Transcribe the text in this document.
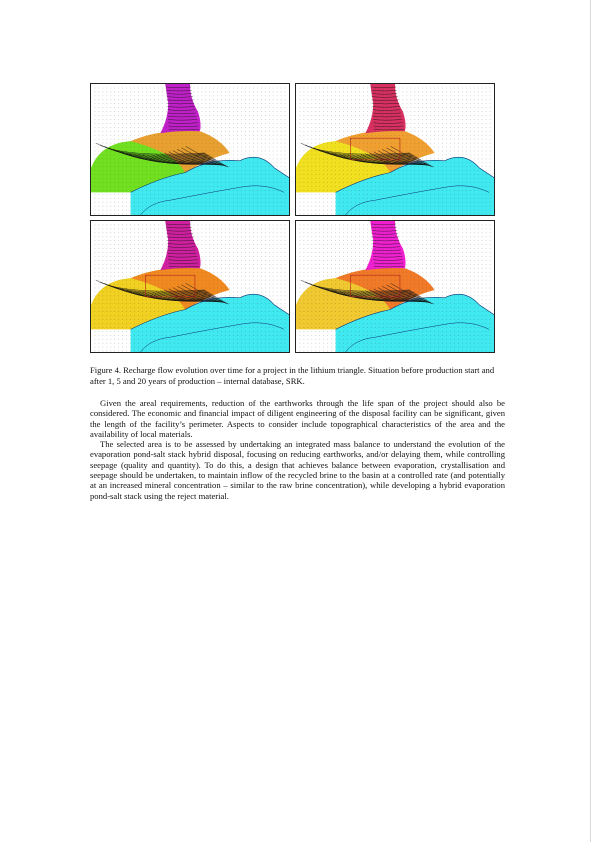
Figure 4. Recharge flow evolution over time for a project in the lithium triangle. Situation before production start and after 1, 5 and 20 years of production – internal database, SRK.

Given the areal requirements, reduction of the earthworks through the life span of the project should also be considered. The economic and financial impact of diligent engineering of the disposal facility can be significant, given the length of the facility’s perimeter. Aspects to consider include topographical characteristics of the area and the availability of local materials.

The selected area is to be assessed by undertaking an integrated mass balance to understand the evolution of the evaporation pond-salt stack hybrid disposal, focusing on reducing earthworks, and/or delaying them, while controlling seepage (quality and quantity). To do this, a design that achieves balance between evaporation, crystallisation and seepage should be undertaken, to maintain inflow of the recycled brine to the basin at a controlled rate (and potentially at an increased mineral concentration – similar to the raw brine concentration), while developing a hybrid evaporation pond-salt stack using the reject material.
